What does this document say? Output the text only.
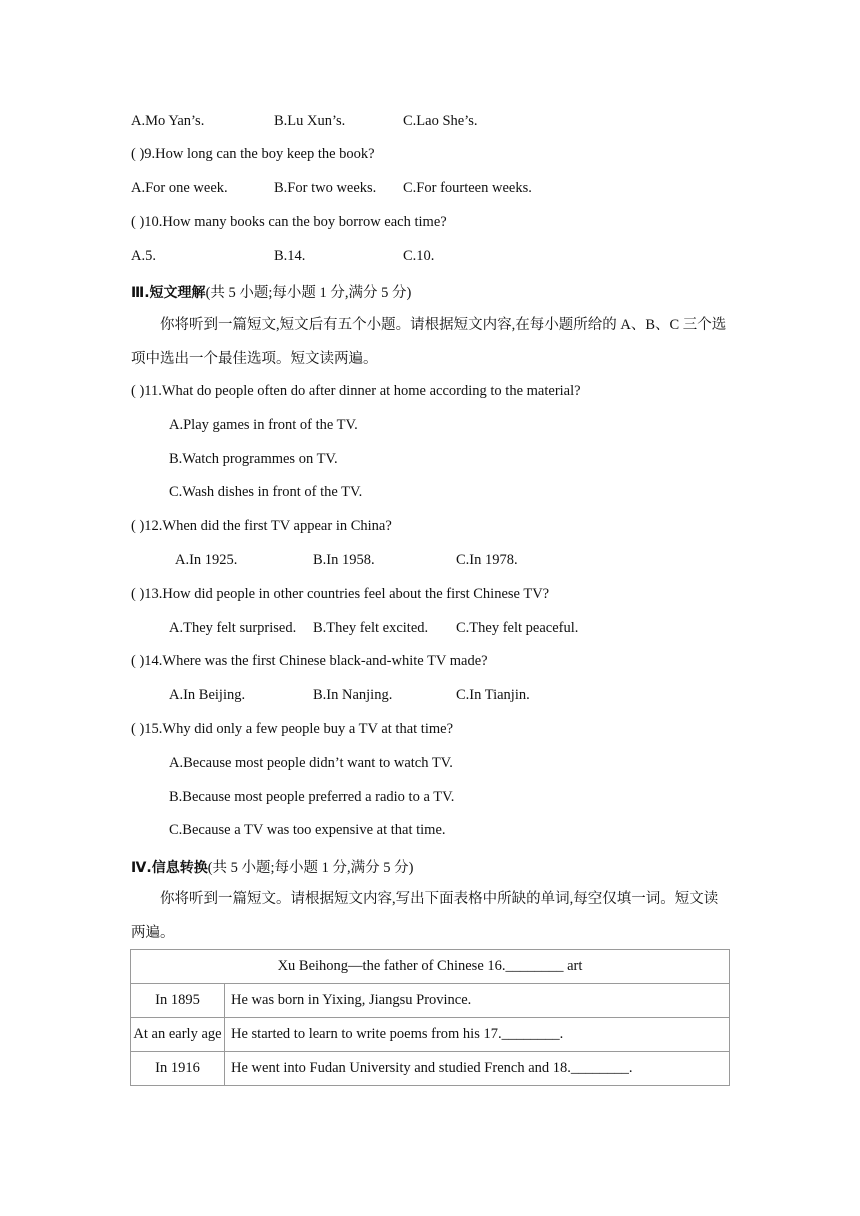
A.Mo Yan’s.	B.Lu Xun’s.	C.Lao She’s.
( )9.How long can the boy keep the book?
A.For one week.	B.For two weeks. C.For fourteen weeks.
( )10.How many books can the boy borrow each time?
A.5.	B.14.	C.10.
Ⅲ.短文理解(共 5 小题;每小题 1 分,满分 5 分)
你将听到一篇短文,短文后有五个小题。请根据短文内容,在每小题所给的 A、B、C 三个选项中选出一个最佳选项。短文读两遍。
( )11.What do people often do after dinner at home according to the material?
A.Play games in front of the TV.
B.Watch programmes on TV.
C.Wash dishes in front of the TV.
( )12.When did the first TV appear in China?
A.In 1925.	B.In 1958.	C.In 1978.
( )13.How did people in other countries feel about the first Chinese TV?
A.They felt surprised. B.They felt excited. C.They felt peaceful.
( )14.Where was the first Chinese black-and-white TV made?
A.In Beijing.	B.In Nanjing.	C.In Tianjin.
( )15.Why did only a few people buy a TV at that time?
A.Because most people didn’t want to watch TV.
B.Because most people preferred a radio to a TV.
C.Because a TV was too expensive at that time.
Ⅳ.信息转换(共 5 小题;每小题 1 分,满分 5 分)
你将听到一篇短文。请根据短文内容,写出下面表格中所缺的单词,每空仅填一词。短文读两遍。
Xu Beihong—the father of Chinese 16.________ art	
In 1895	He was born in Yixing, Jiangsu Province.
At an early age	He started to learn to write poems from his 17.________.
In 1916	He went into Fudan University and studied French and 18.________.
